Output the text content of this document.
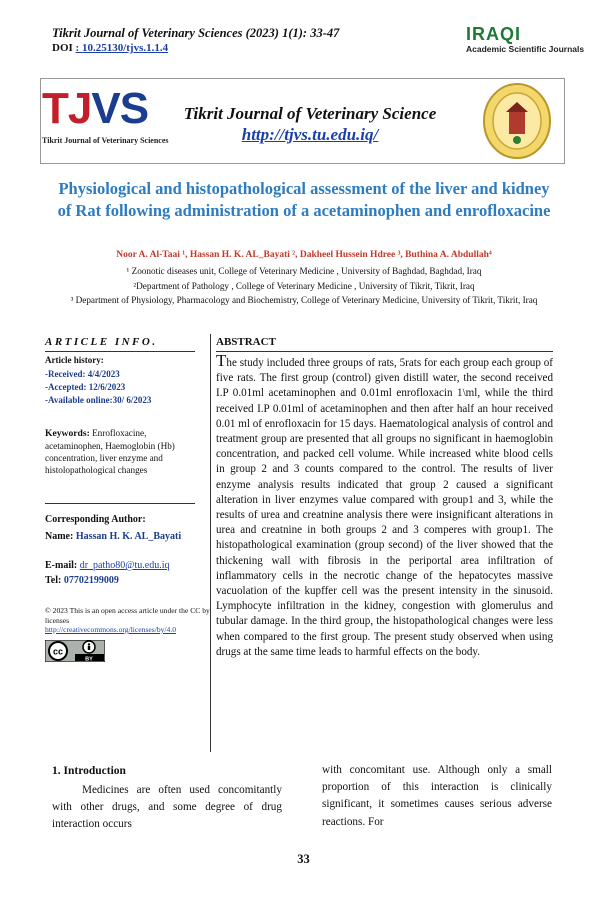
Tikrit Journal of Veterinary Sciences (2023) 1(1): 33-47
DOI : 10.25130/tjvs.1.1.4
IRAQI
Academic Scientific Journals
TJVS
Tikrit Journal of Veterinary Sciences
Tikrit Journal of Veterinary Science
http://tjvs.tu.edu.iq/
Physiological and histopathological assessment of the liver and kidney of Rat following administration of a acetaminophen and enrofloxacine
Noor A. Al-Taai ¹, Hassan H. K. AL_Bayati ², Dakheel Hussein Hdree ³, Buthina A. Abdullah⁴
¹ Zoonotic diseases unit, College of Veterinary Medicine , University of Baghdad, Baghdad, Iraq
²Department of Pathology , College of Veterinary Medicine , University of Tikrit, Tikrit, Iraq
³ Department of Physiology, Pharmacology and Biochemistry, College of Veterinary Medicine, University of Tikrit, Tikrit, Iraq
ARTICLE INFO.
Article history:
-Received: 4/4/2023
-Accepted: 12/6/2023
-Available online:30/ 6/2023
Keywords: Enrofloxacine, acetaminophen, Haemoglobin (Hb) concentration, liver enzyme and histolopathological changes
Corresponding Author:
Name: Hassan H. K. AL_Bayati
E-mail: dr_patho80@tu.edu.iq
Tel: 07702199009
© 2023 This is an open access article under the CC by licenses
http://creativecommons.org/licenses/by/4.0
cc
BY
ABSTRACT
The study included three groups of rats, 5rats for each group each group of five rats. The first group (control) given distill water, the second received I.P 0.01ml acetaminophen and 0.01ml enrofloxacin 1\ml, while the third received I.P 0.01ml of acetaminophen and then after half an hour received 0.01 ml of enrofloxacin for 15 days. Haematological analysis of control and treatment group are presented that all groups no significant in haemoglobin concentration, and packed cell volume. While increased white blood cells in group 2 and 3 counts compared to the control. The results of liver enzyme analysis results indicated that group 2 caused a significant alteration in liver enzymes value compared with group1 and 3, while the results of urea and creatnine analysis there were insignificant alterations in urea and creatnine in both groups 2 and 3 comperes with group1. The histopathological examination (group second) of the liver showed that the thickening wall with fibrosis in the periportal area infiltration of inflammatory cells in the necrotic change of the hepatocytes massive vacuolation of the kupffer cell was the present intensity in the sinusoid. Lymphocyte infiltration in the kidney, congestion with glomerulus and tubular damage. In the third group, the histopathological changes were less when compared to the first group. The present study observed when using drugs at the same time leads to harmful effects on the body.
1. Introduction
Medicines are often used concomitantly with other drugs, and some degree of drug interaction occurs
with concomitant use. Although only a small proportion of this interaction is clinically significant, it sometimes causes serious adverse reactions. For
33
